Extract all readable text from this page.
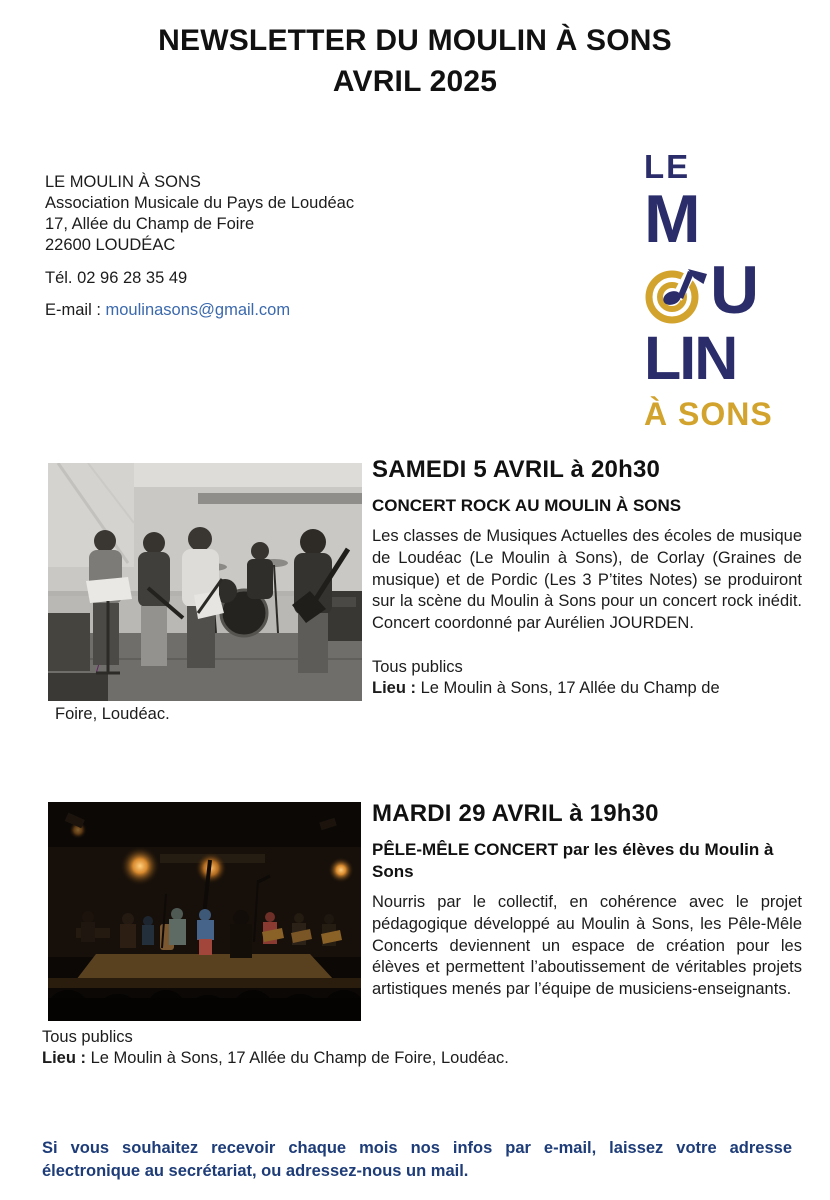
NEWSLETTER DU MOULIN À SONS
AVRIL 2025
LE MOULIN À SONS
Association Musicale du Pays de Loudéac
17, Allée du Champ de Foire
22600 LOUDÉAC
Tél. 02 96 28 35 49
E-mail : moulinasons@gmail.com
LE
M
U
LIN
À SONS
SAMEDI 5 AVRIL à 20h30
CONCERT ROCK AU MOULIN À SONS
Les classes de Musiques Actuelles des écoles de musique de Loudéac (Le Moulin à Sons), de Corlay (Graines de musique) et de Pordic (Les 3 P’tites Notes) se produiront sur la scène du Moulin à Sons pour un concert rock inédit. Concert coordonné par Aurélien JOURDEN.
Tous publics
Lieu : Le Moulin à Sons, 17 Allée du Champ de
Foire, Loudéac.
MARDI 29 AVRIL à 19h30
PÊLE-MÊLE CONCERT par les élèves du Moulin à Sons
Nourris par le collectif, en cohérence avec le projet pédagogique développé au Moulin à Sons, les Pêle-Mêle Concerts deviennent un espace de création pour les élèves et permettent l’aboutissement de véritables projets artistiques menés par l’équipe de musiciens-enseignants.
Tous publics
Lieu : Le Moulin à Sons, 17 Allée du Champ de Foire, Loudéac.
Si vous souhaitez recevoir chaque mois nos infos par e-mail, laissez votre adresse électronique au secrétariat, ou adressez-nous un mail.
